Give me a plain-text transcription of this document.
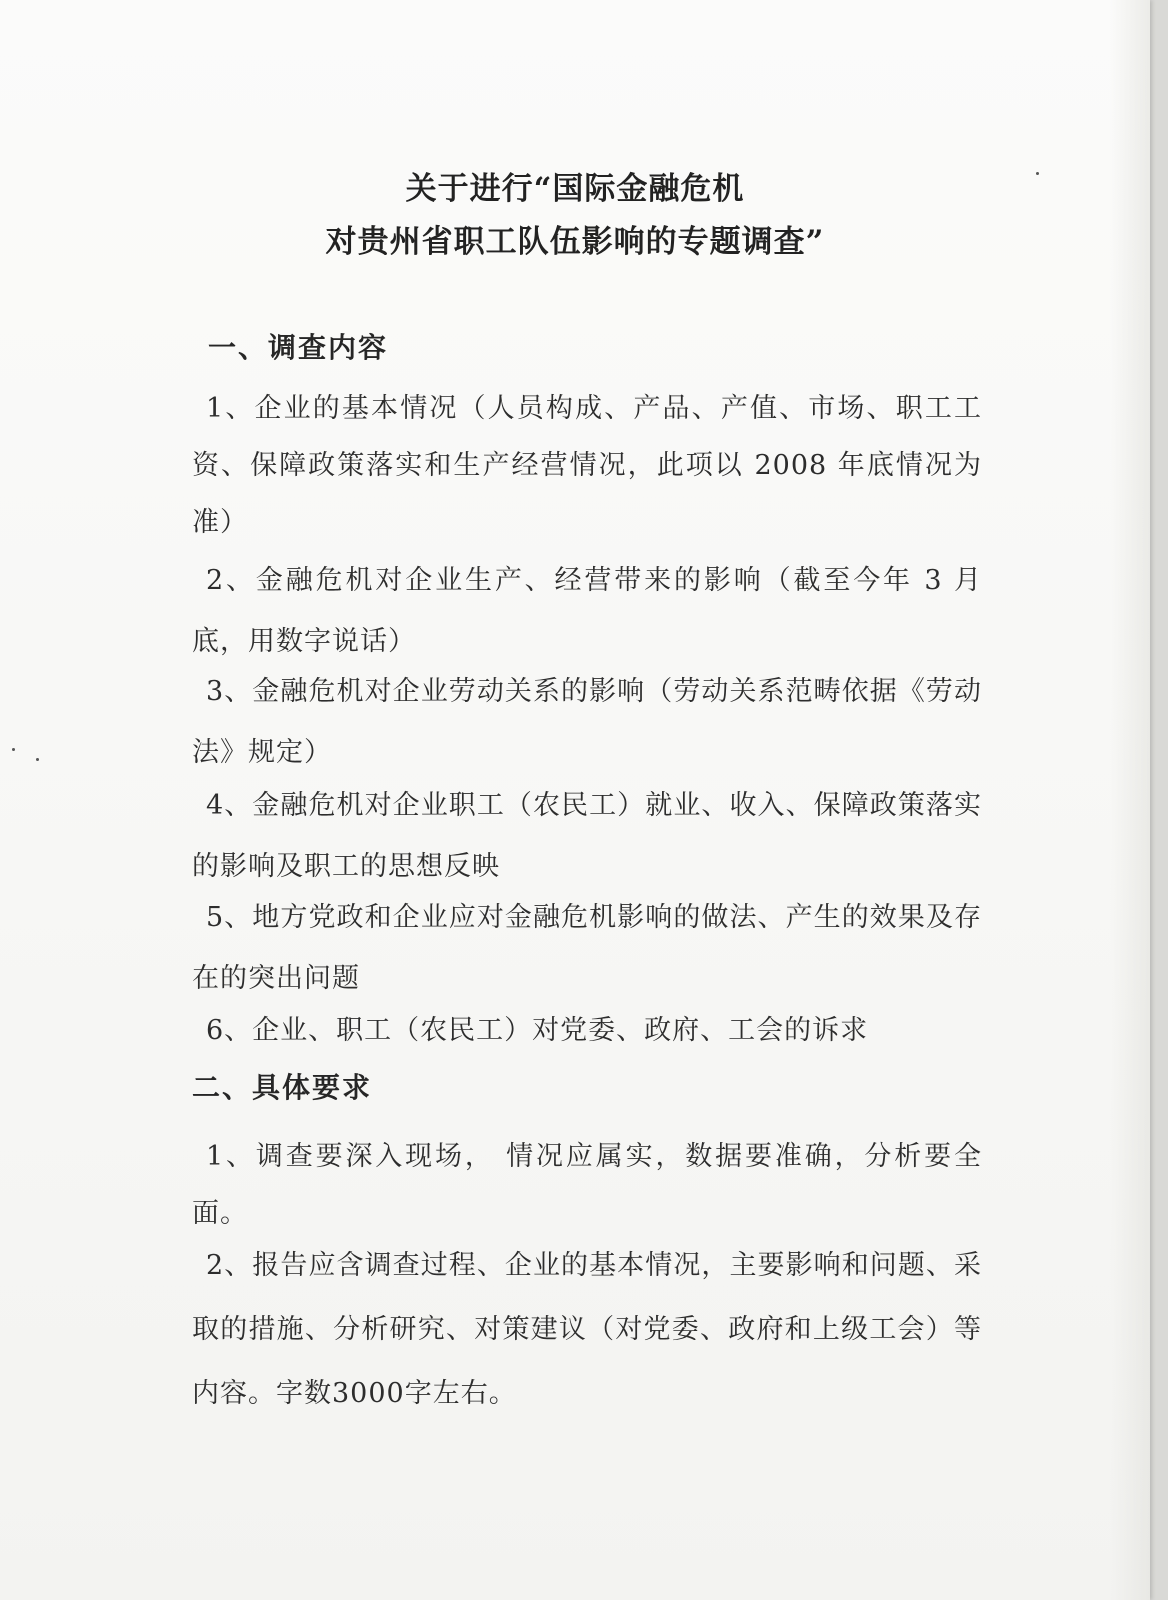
关于进行“国际金融危机
对贵州省职工队伍影响的专题调查”
一、调查内容
1、企业的基本情况（人员构成、产品、产值、市场、职工工资、保障政策落实和生产经营情况，此项以 2008 年底情况为准）
2、金融危机对企业生产、经营带来的影响（截至今年 3 月底，用数字说话）
3、金融危机对企业劳动关系的影响（劳动关系范畴依据《劳动法》规定）
4、金融危机对企业职工（农民工）就业、收入、保障政策落实的影响及职工的思想反映
5、地方党政和企业应对金融危机影响的做法、产生的效果及存在的突出问题
6、企业、职工（农民工）对党委、政府、工会的诉求
二、具体要求
1、调查要深入现场， 情况应属实，数据要准确，分析要全面。
2、报告应含调查过程、企业的基本情况，主要影响和问题、采取的措施、分析研究、对策建议（对党委、政府和上级工会）等内容。字数3000字左右。
